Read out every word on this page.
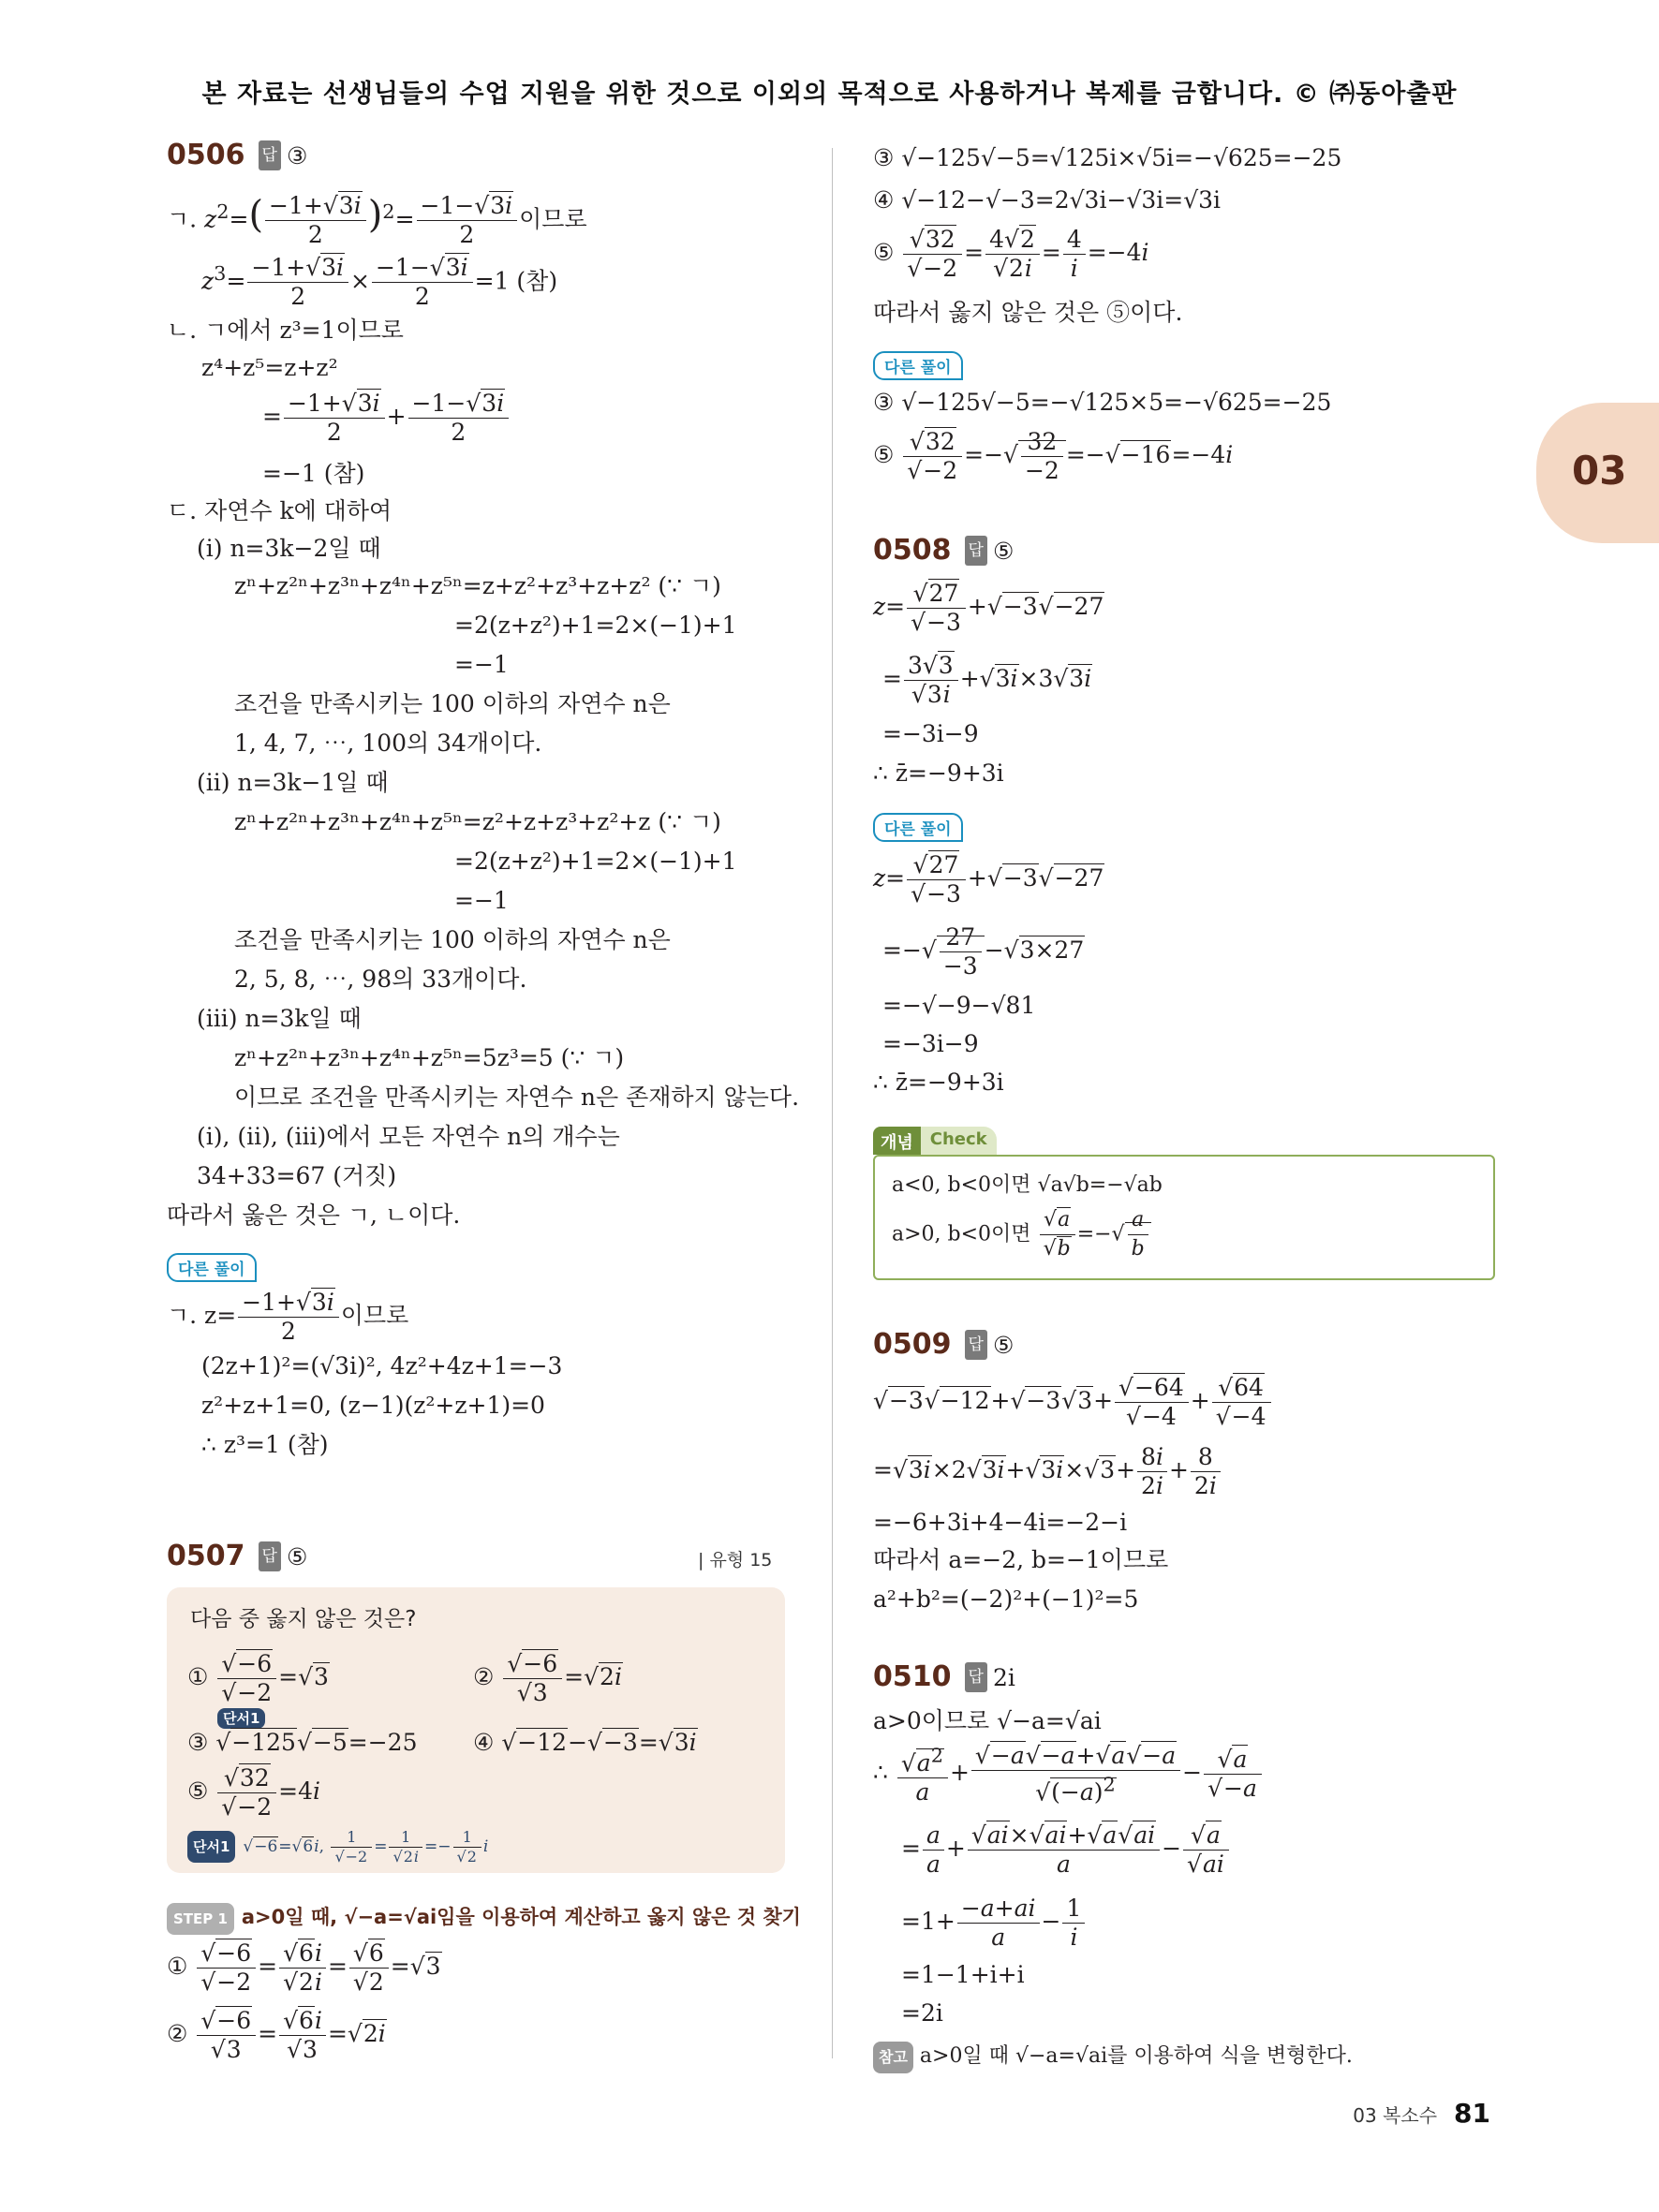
본 자료는 선생님들의 수업 지원을 위한 것으로 이외의 목적으로 사용하거나 복제를 금합니다. © ㈜동아출판
03
0506 답 ③
ㄱ. $z^2=( \frac{-1+√3i}{2} )^2= \frac{-1-√3i}{2}$ 이므로
$z^3= \frac{-1+√3i}{2} \times \frac{-1-√3i}{2} =1$ (참)
ㄴ. ㄱ에서 z³=1이므로
z⁴+z⁵=z+z²
= $\frac{-1+√3i}{2} + \frac{-1-√3i}{2}$
=−1 (참)
ㄷ. 자연수 k에 대하여
(ⅰ) n=3k−2일 때
zⁿ+z²ⁿ+z³ⁿ+z⁴ⁿ+z⁵ⁿ=z+z²+z³+z+z² (∵ ㄱ)
=2(z+z²)+1=2×(−1)+1
=−1
조건을 만족시키는 100 이하의 자연수 n은
1, 4, 7, ⋯, 100의 34개이다.
(ⅱ) n=3k−1일 때
zⁿ+z²ⁿ+z³ⁿ+z⁴ⁿ+z⁵ⁿ=z²+z+z³+z²+z (∵ ㄱ)
=2(z+z²)+1=2×(−1)+1
=−1
조건을 만족시키는 100 이하의 자연수 n은
2, 5, 8, ⋯, 98의 33개이다.
(ⅲ) n=3k일 때
zⁿ+z²ⁿ+z³ⁿ+z⁴ⁿ+z⁵ⁿ=5z³=5 (∵ ㄱ)
이므로 조건을 만족시키는 자연수 n은 존재하지 않는다.
(ⅰ), (ⅱ), (ⅲ)에서 모든 자연수 n의 개수는
34+33=67 (거짓)
따라서 옳은 것은 ㄱ, ㄴ이다.
다른 풀이
ㄱ. $z= \frac{-1+√3i}{2}$ 이므로
(2z+1)²=(√3i)², 4z²+4z+1=−3
z²+z+1=0, (z−1)(z²+z+1)=0
∴ z³=1 (참)
0507 답 ⑤	| 유형 15
다음 중 옳지 않은 것은?
① $\frac{√-6}{√-2} =√3$	② $\frac{√-6}{√3} =√2i$
단서1
③ √−125√−5=−25 ④ √−12−√−3=√3i
⑤ $\frac{√32}{√-2} =4i$
단서1 √−6=√6i, $\frac{1}{√-2} = \frac{1}{√2i} =- \frac{1}{√2}$ i
STEP 1 a>0일 때, √−a=√ai임을 이용하여 계산하고 옳지 않은 것 찾기
① $\frac{√-6}{√-2} = \frac{√6i}{√2i} = \frac{√6}{√2} =√3$
② $\frac{√-6}{√3} = \frac{√6i}{√3} =√2i$
③ √−125√−5=√125i×√5i=−√625=−25
④ √−12−√−3=2√3i−√3i=√3i
⑤ $\frac{√32}{√-2} = \frac{4√2}{√2i} = \frac{4}{i} =-4i$
따라서 옳지 않은 것은 ⑤이다.
다른 풀이
③ √−125√−5=−√125×5=−√625=−25
⑤ $\frac{√32}{√-2}$ =−√ $\frac{32}{-2} =-√-16=-4i$
0508 답 ⑤
$z= \frac{√27}{√-3} +√-3√-27$
= $\frac{3√3}{√3i} +√3i\times 3√3i$
=−3i−9
∴ z̄=−9+3i
다른 풀이
$z= \frac{√27}{√-3} +√-3√-27$
=−√ $\frac{27}{-3} -√3\times 27$
=−√−9−√81
=−3i−9
∴ z̄=−9+3i
개념	Check
a<0, b<0이면 √a√b=−√ab
a>0, b<0이면 $\frac{√a}{√b}$ =−√ $\frac{a}{b}$
0509 답 ⑤
$√-3√-12+√-3√3+ \frac{√-64}{√-4} + \frac{√64}{√-4}$
$=√3i\times 2√3i+√3i\times√3+ \frac{8i}{2i} + \frac{8}{2i}$
=−6+3i+4−4i=−2−i
따라서 a=−2, b=−1이므로
a²+b²=(−2)²+(−1)²=5
0510 답 2i
a>0이므로 √−a=√ai
∴ $\frac{√a^2}{a} + \frac{√-a√-a+√a√-a}{√(-a)^2} - \frac{√a}{√-a}$
= $\frac{a}{a} + \frac{√ai\times√ai+√a√ai}{a} - \frac{√a}{√ai}$
$=1+ \frac{-a+ai}{a} - \frac{1}{i}$
=1−1+i+i
=2i
참고 a>0일 때 √−a=√ai를 이용하여 식을 변형한다.
03 복소수 81
